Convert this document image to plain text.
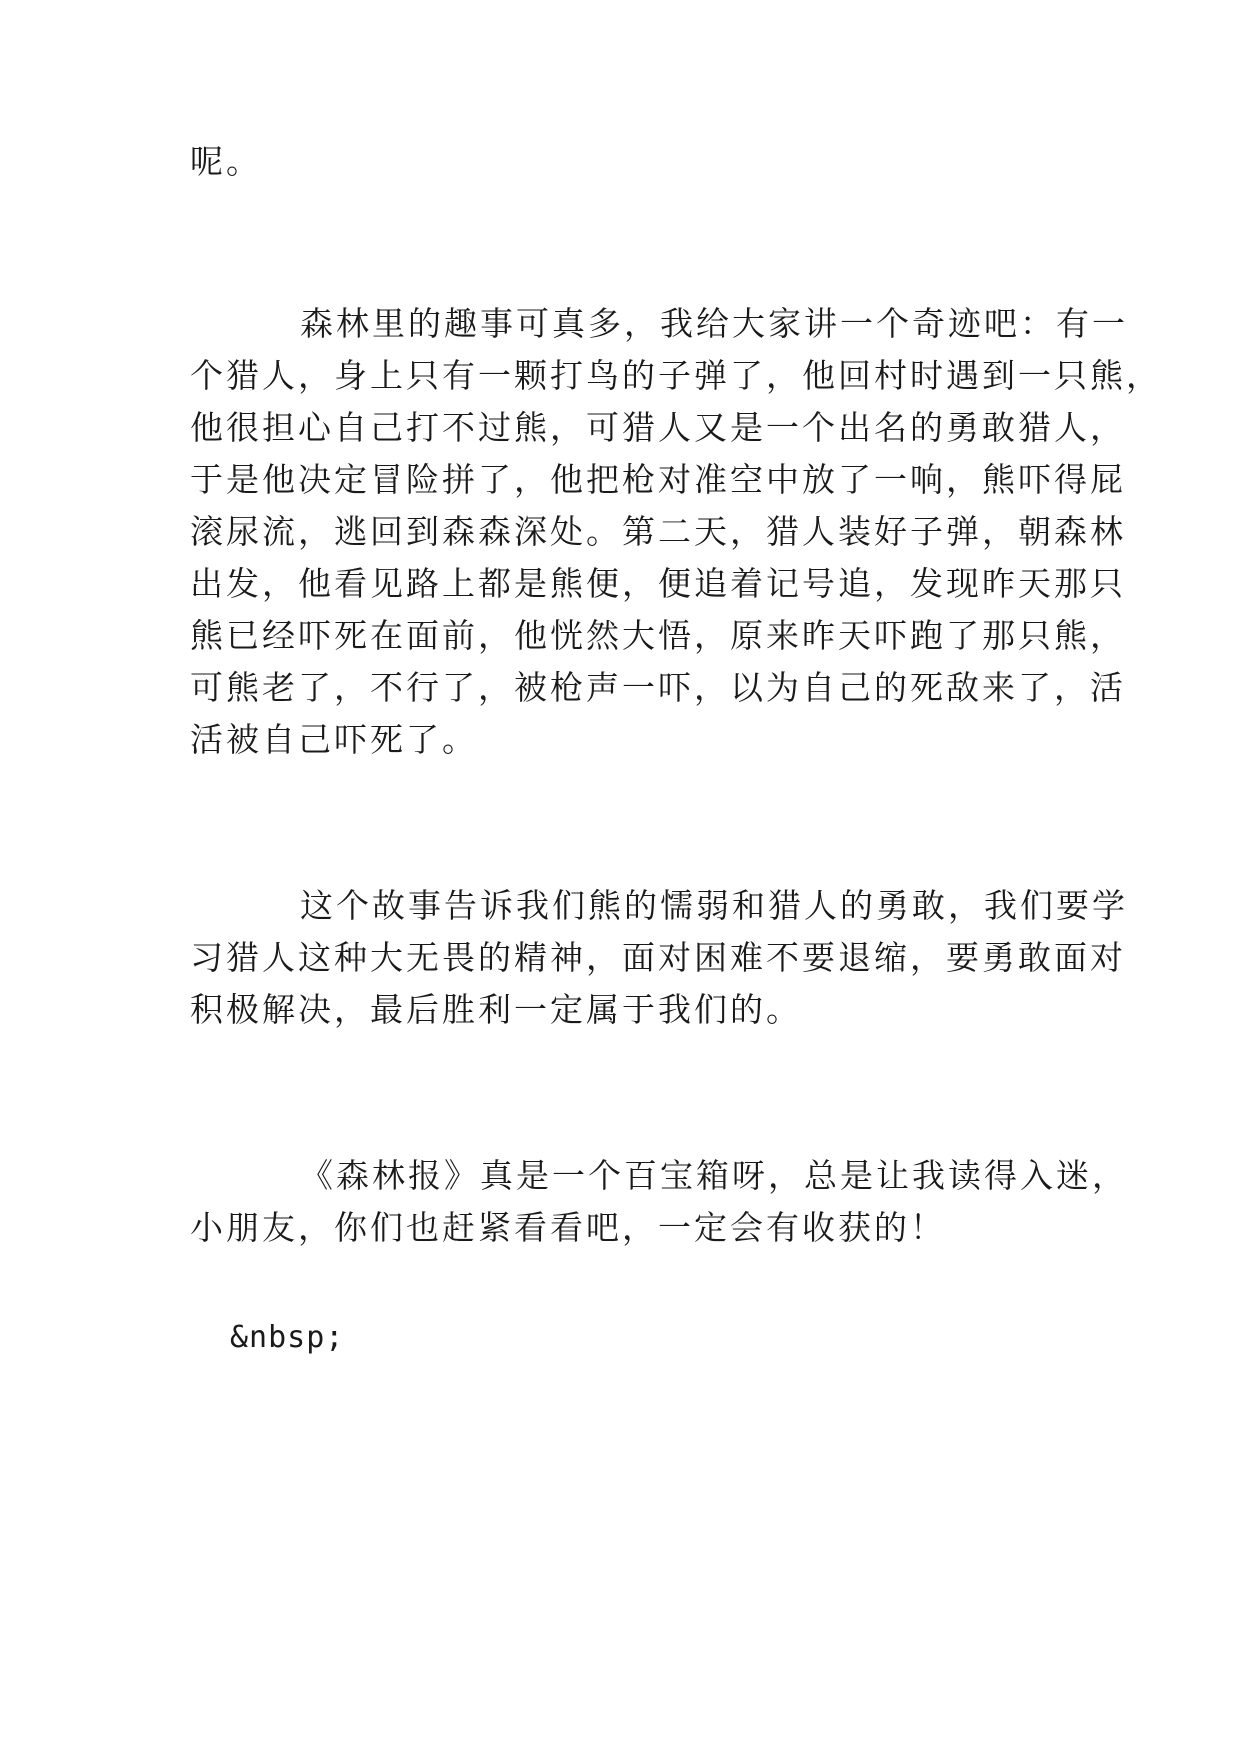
呢。
森林里的趣事可真多，我给大家讲一个奇迹吧：有一
个猎人，身上只有一颗打鸟的子弹了，他回村时遇到一只熊，
他很担心自己打不过熊，可猎人又是一个出名的勇敢猎人，
于是他决定冒险拼了，他把枪对准空中放了一响，熊吓得屁
滚尿流，逃回到森森深处。第二天，猎人装好子弹，朝森林
出发，他看见路上都是熊便，便追着记号追，发现昨天那只
熊已经吓死在面前，他恍然大悟，原来昨天吓跑了那只熊，
可熊老了，不行了，被枪声一吓，以为自己的死敌来了，活
活被自己吓死了。
这个故事告诉我们熊的懦弱和猎人的勇敢，我们要学
习猎人这种大无畏的精神，面对困难不要退缩，要勇敢面对
积极解决，最后胜利一定属于我们的。
《森林报》真是一个百宝箱呀，总是让我读得入迷，
小朋友，你们也赶紧看看吧，一定会有收获的！
&nbsp;
